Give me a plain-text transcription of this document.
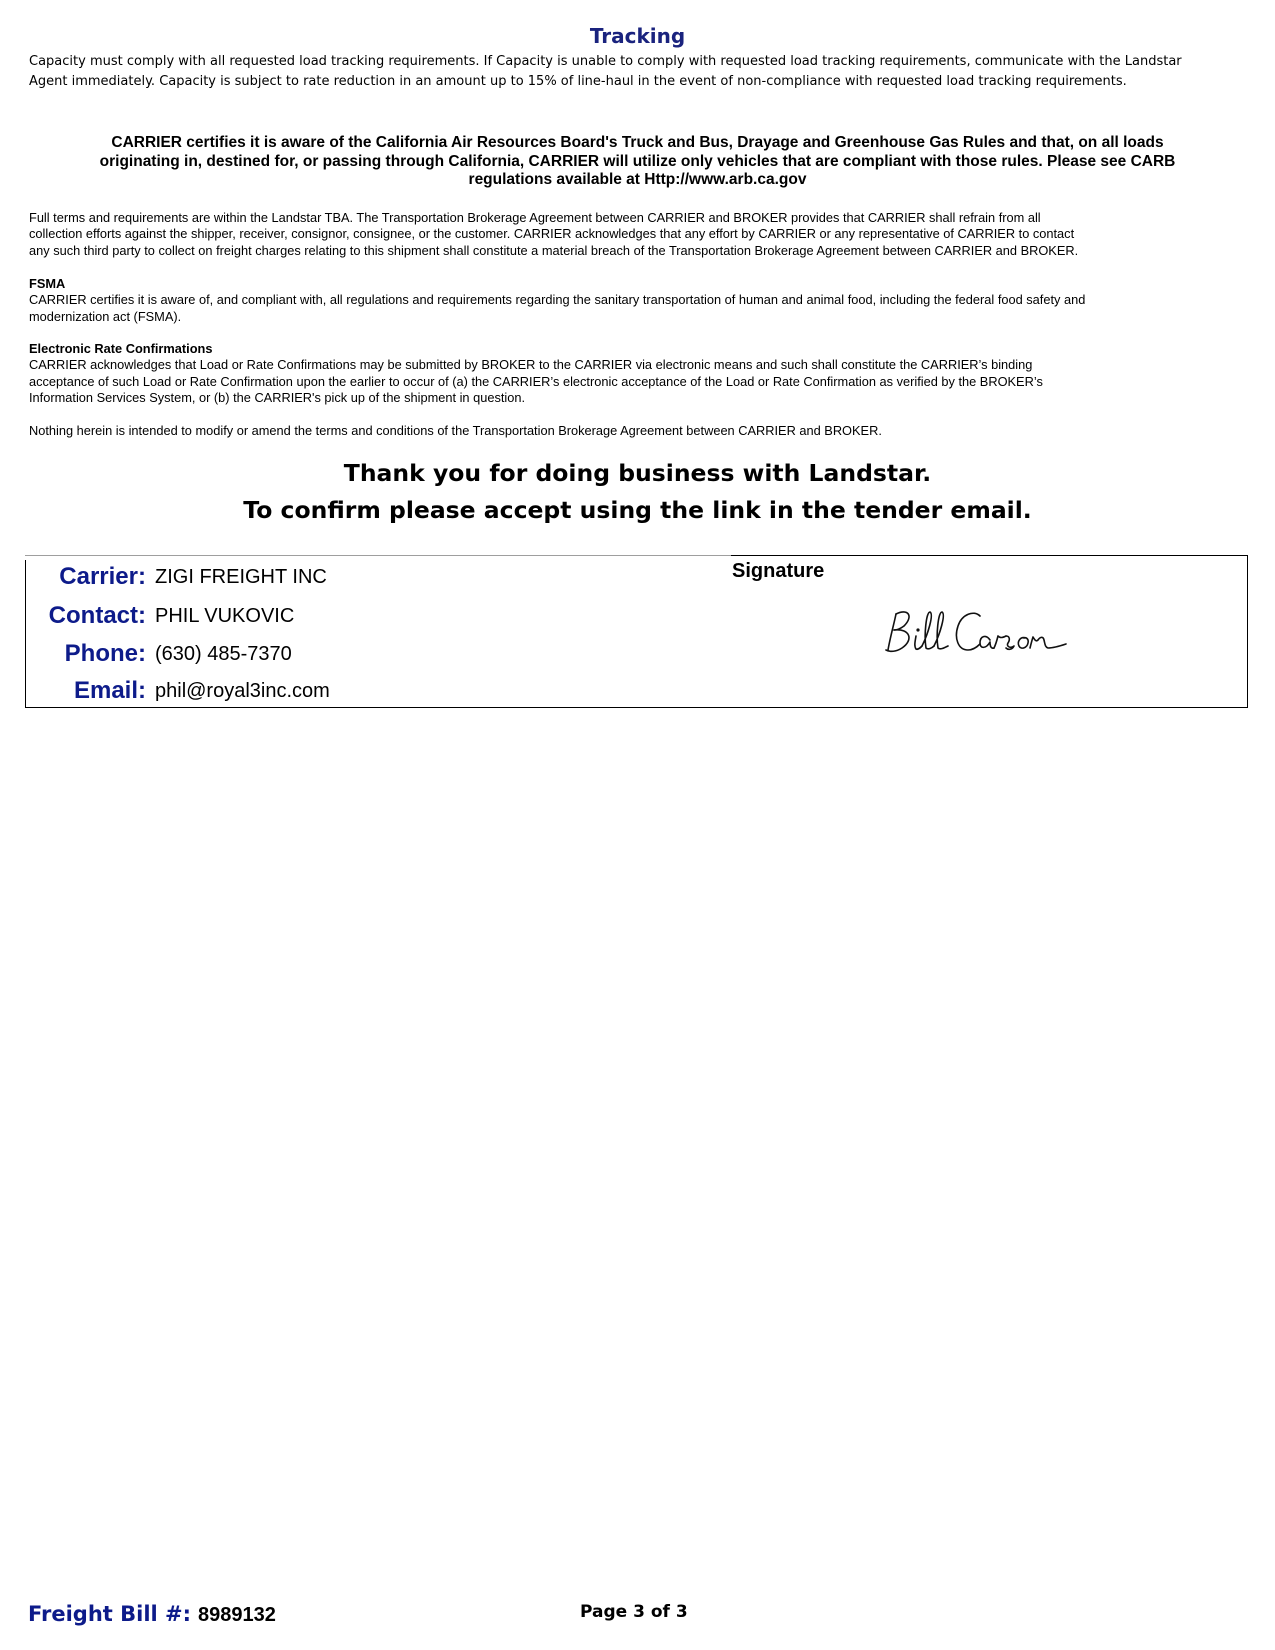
Tracking
Capacity must comply with all requested load tracking requirements. If Capacity is unable to comply with requested load tracking requirements, communicate with the Landstar
Agent immediately. Capacity is subject to rate reduction in an amount up to 15% of line-haul in the event of non-compliance with requested load tracking requirements.
CARRIER certifies it is aware of the California Air Resources Board's Truck and Bus, Drayage and Greenhouse Gas Rules and that, on all loads
originating in, destined for, or passing through California, CARRIER will utilize only vehicles that are compliant with those rules. Please see CARB
regulations available at Http://www.arb.ca.gov
Full terms and requirements are within the Landstar TBA. The Transportation Brokerage Agreement between CARRIER and BROKER provides that CARRIER shall refrain from all
collection efforts against the shipper, receiver, consignor, consignee, or the customer. CARRIER acknowledges that any effort by CARRIER or any representative of CARRIER to contact
any such third party to collect on freight charges relating to this shipment shall constitute a material breach of the Transportation Brokerage Agreement between CARRIER and BROKER.
FSMA
CARRIER certifies it is aware of, and compliant with, all regulations and requirements regarding the sanitary transportation of human and animal food, including the federal food safety and
modernization act (FSMA).
Electronic Rate Confirmations
CARRIER acknowledges that Load or Rate Confirmations may be submitted by BROKER to the CARRIER via electronic means and such shall constitute the CARRIER’s binding
acceptance of such Load or Rate Confirmation upon the earlier to occur of (a) the CARRIER’s electronic acceptance of the Load or Rate Confirmation as verified by the BROKER’s
Information Services System, or (b) the CARRIER's pick up of the shipment in question.
Nothing herein is intended to modify or amend the terms and conditions of the Transportation Brokerage Agreement between CARRIER and BROKER.
Thank you for doing business with Landstar.
To confirm please accept using the link in the tender email.
Carrier: ZIGI FREIGHT INC
Contact: PHIL VUKOVIC
Phone: (630) 485-7370
Email: phil@royal3inc.com
Signature
Freight Bill #: 8989132	Page 3 of 3
